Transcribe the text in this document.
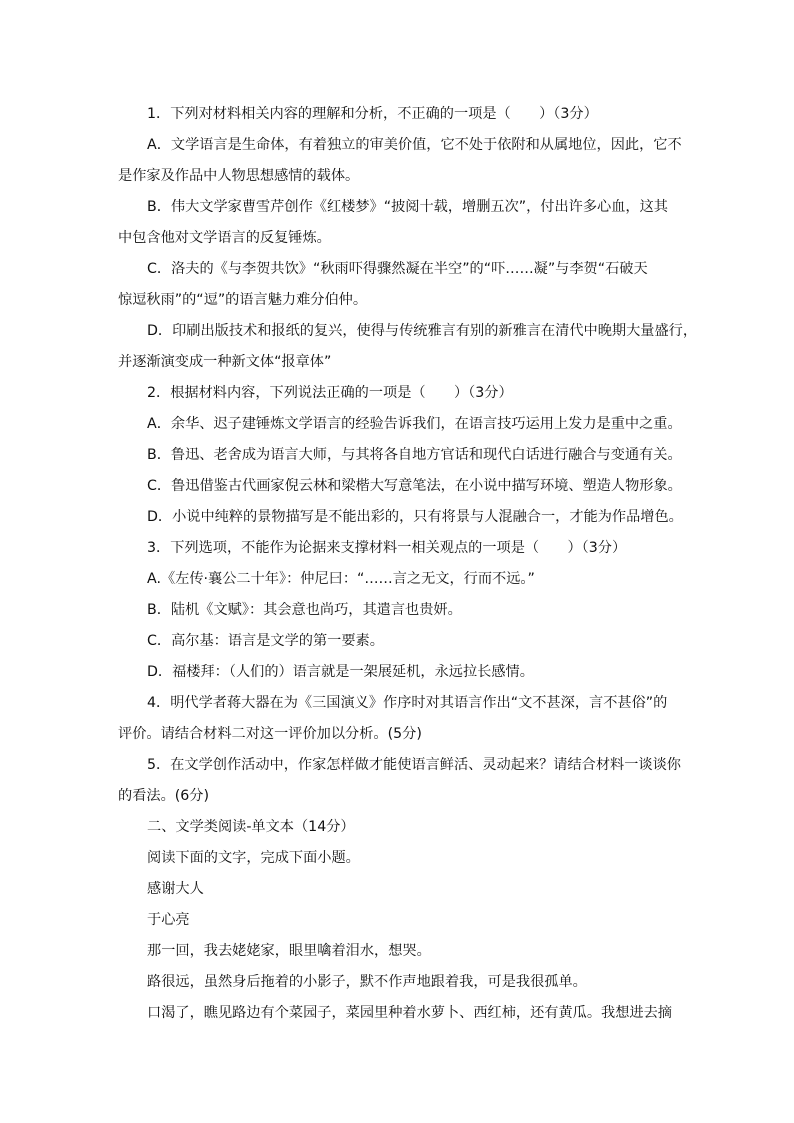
1．下列对材料相关内容的理解和分析，不正确的一项是（　　）（3分）

A．文学语言是生命体，有着独立的审美价值，它不处于依附和从属地位，因此，它不

是作家及作品中人物思想感情的载体。

B．伟大文学家曹雪芹创作《红楼梦》“披阅十载，增删五次”，付出许多心血，这其

中包含他对文学语言的反复锤炼。

C．洛夫的《与李贺共饮》“秋雨吓得骤然凝在半空”的“吓……凝”与李贺“石破天

惊逗秋雨”的“逗”的语言魅力难分伯仲。

D．印刷出版技术和报纸的复兴，使得与传统雅言有别的新雅言在清代中晚期大量盛行，

并逐渐演变成一种新文体“报章体”

2．根据材料内容，下列说法正确的一项是（　　）（3分）

A．余华、迟子建锤炼文学语言的经验告诉我们，在语言技巧运用上发力是重中之重。

B．鲁迅、老舍成为语言大师，与其将各自地方官话和现代白话进行融合与变通有关。

C．鲁迅借鉴古代画家倪云林和梁楷大写意笔法，在小说中描写环境、塑造人物形象。

D．小说中纯粹的景物描写是不能出彩的，只有将景与人混融合一，才能为作品增色。

3．下列选项，不能作为论据来支撑材料一相关观点的一项是（　　）（3分）

A.《左传·襄公二十年》：仲尼曰：“……言之无文，行而不远。”

B．陆机《文赋》：其会意也尚巧，其遣言也贵妍。

C．高尔基：语言是文学的第一要素。

D．福楼拜：（人们的）语言就是一架展延机，永远拉长感情。

4．明代学者蒋大器在为《三国演义》作序时对其语言作出“文不甚深，言不甚俗”的

评价。请结合材料二对这一评价加以分析。(5分)

5．在文学创作活动中，作家怎样做才能使语言鲜活、灵动起来？请结合材料一谈谈你

的看法。(6分)

二、文学类阅读-单文本（14分）

阅读下面的文字，完成下面小题。

感谢大人

于心亮

那一回，我去姥姥家，眼里噙着泪水，想哭。

路很远，虽然身后拖着的小影子，默不作声地跟着我，可是我很孤单。

口渴了，瞧见路边有个菜园子，菜园里种着水萝卜、西红柿，还有黄瓜。我想进去摘
